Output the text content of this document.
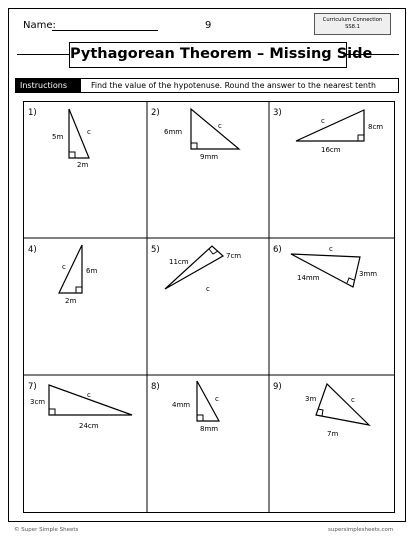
Name:	9	Curriculum Connection
SS8.1
Pythagorean Theorem – Missing Side
Instructions	Find the value of the hypotenuse. Round the answer to the nearest tenth
1)
5m
2m
c
2)
6mm
9mm
c
3)
8cm
16cm
c
4)
6m
2m
c
5)
11cm
7cm
c
6)
14mm	3mm
c
7)
3cm
24cm
c
8)
4mm
8mm
c
9)
3m
7m
c
© Super Simple Sheets	supersimplesheets.com
